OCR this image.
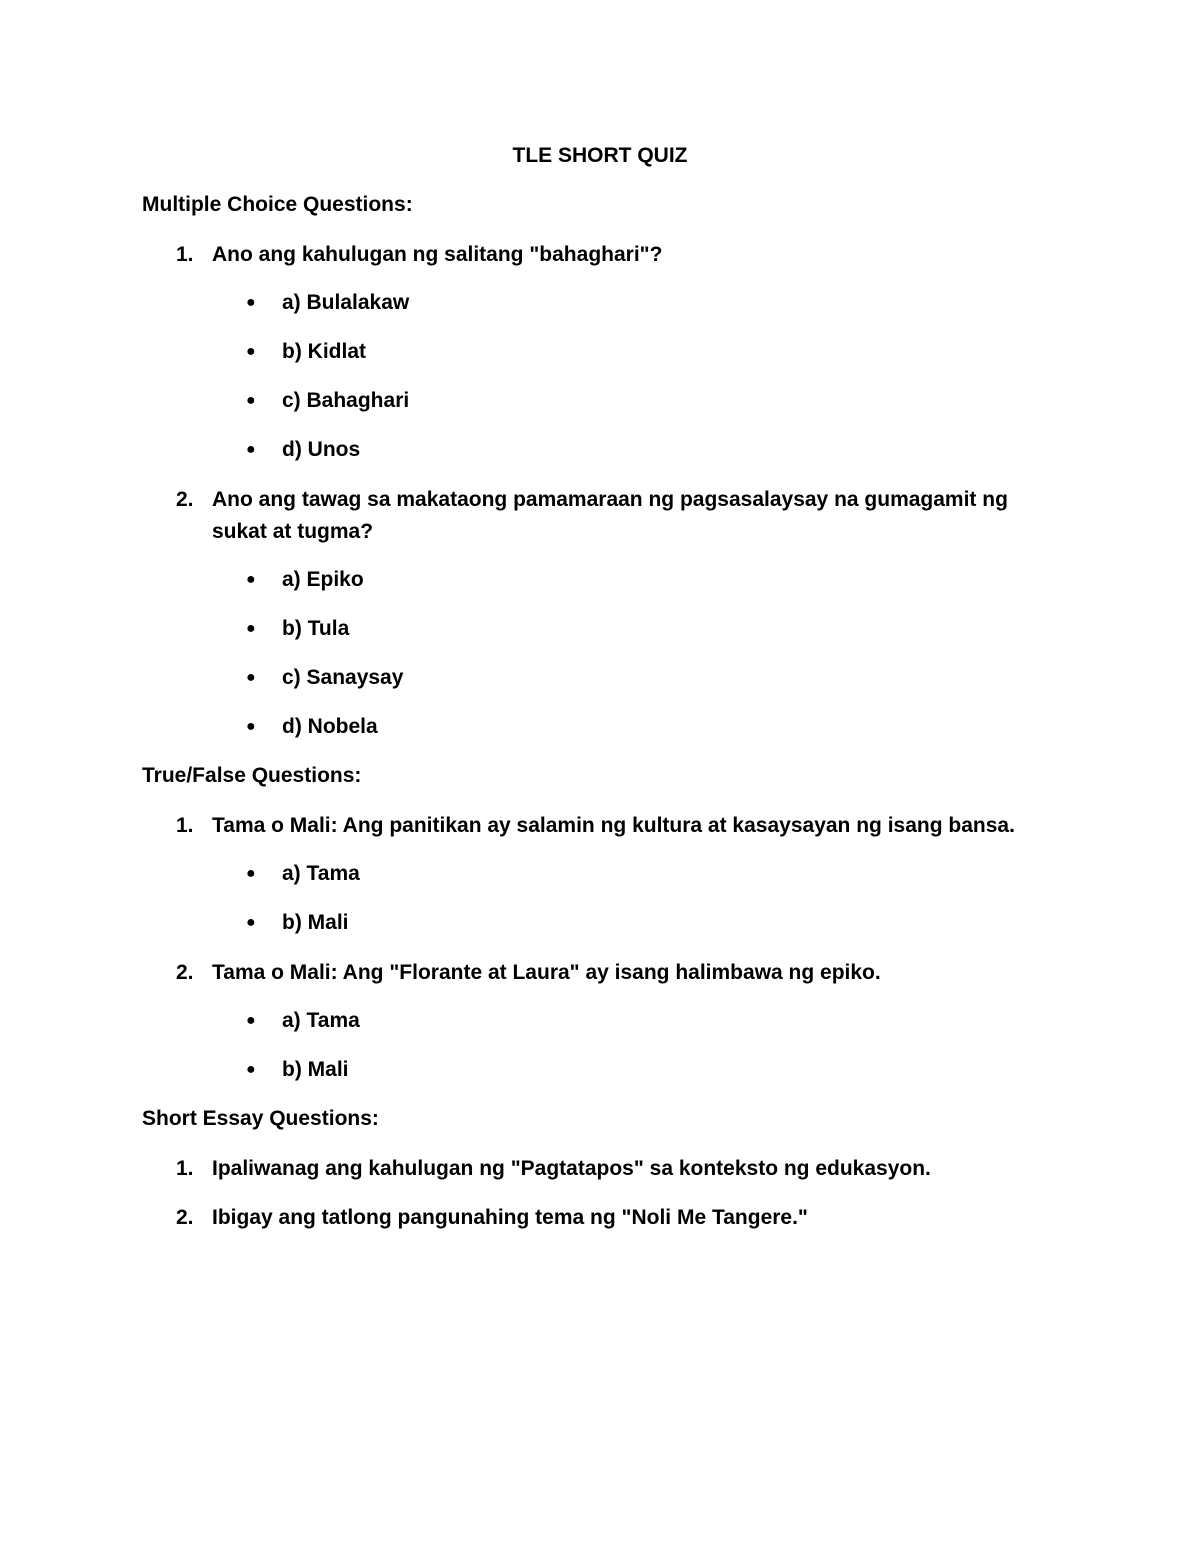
TLE SHORT QUIZ

Multiple Choice Questions:

1. Ano ang kahulugan ng salitang "bahaghari"?
● a) Bulalakaw
● b) Kidlat
● c) Bahaghari
● d) Unos
2. Ano ang tawag sa makataong pamamaraan ng pagsasalaysay na gumagamit ng sukat at tugma?
● a) Epiko
● b) Tula
● c) Sanaysay
● d) Nobela

True/False Questions:

1. Tama o Mali: Ang panitikan ay salamin ng kultura at kasaysayan ng isang bansa.
● a) Tama
● b) Mali
2. Tama o Mali: Ang "Florante at Laura" ay isang halimbawa ng epiko.
● a) Tama
● b) Mali

Short Essay Questions:

1. Ipaliwanag ang kahulugan ng "Pagtatapos" sa konteksto ng edukasyon.
2. Ibigay ang tatlong pangunahing tema ng "Noli Me Tangere."
